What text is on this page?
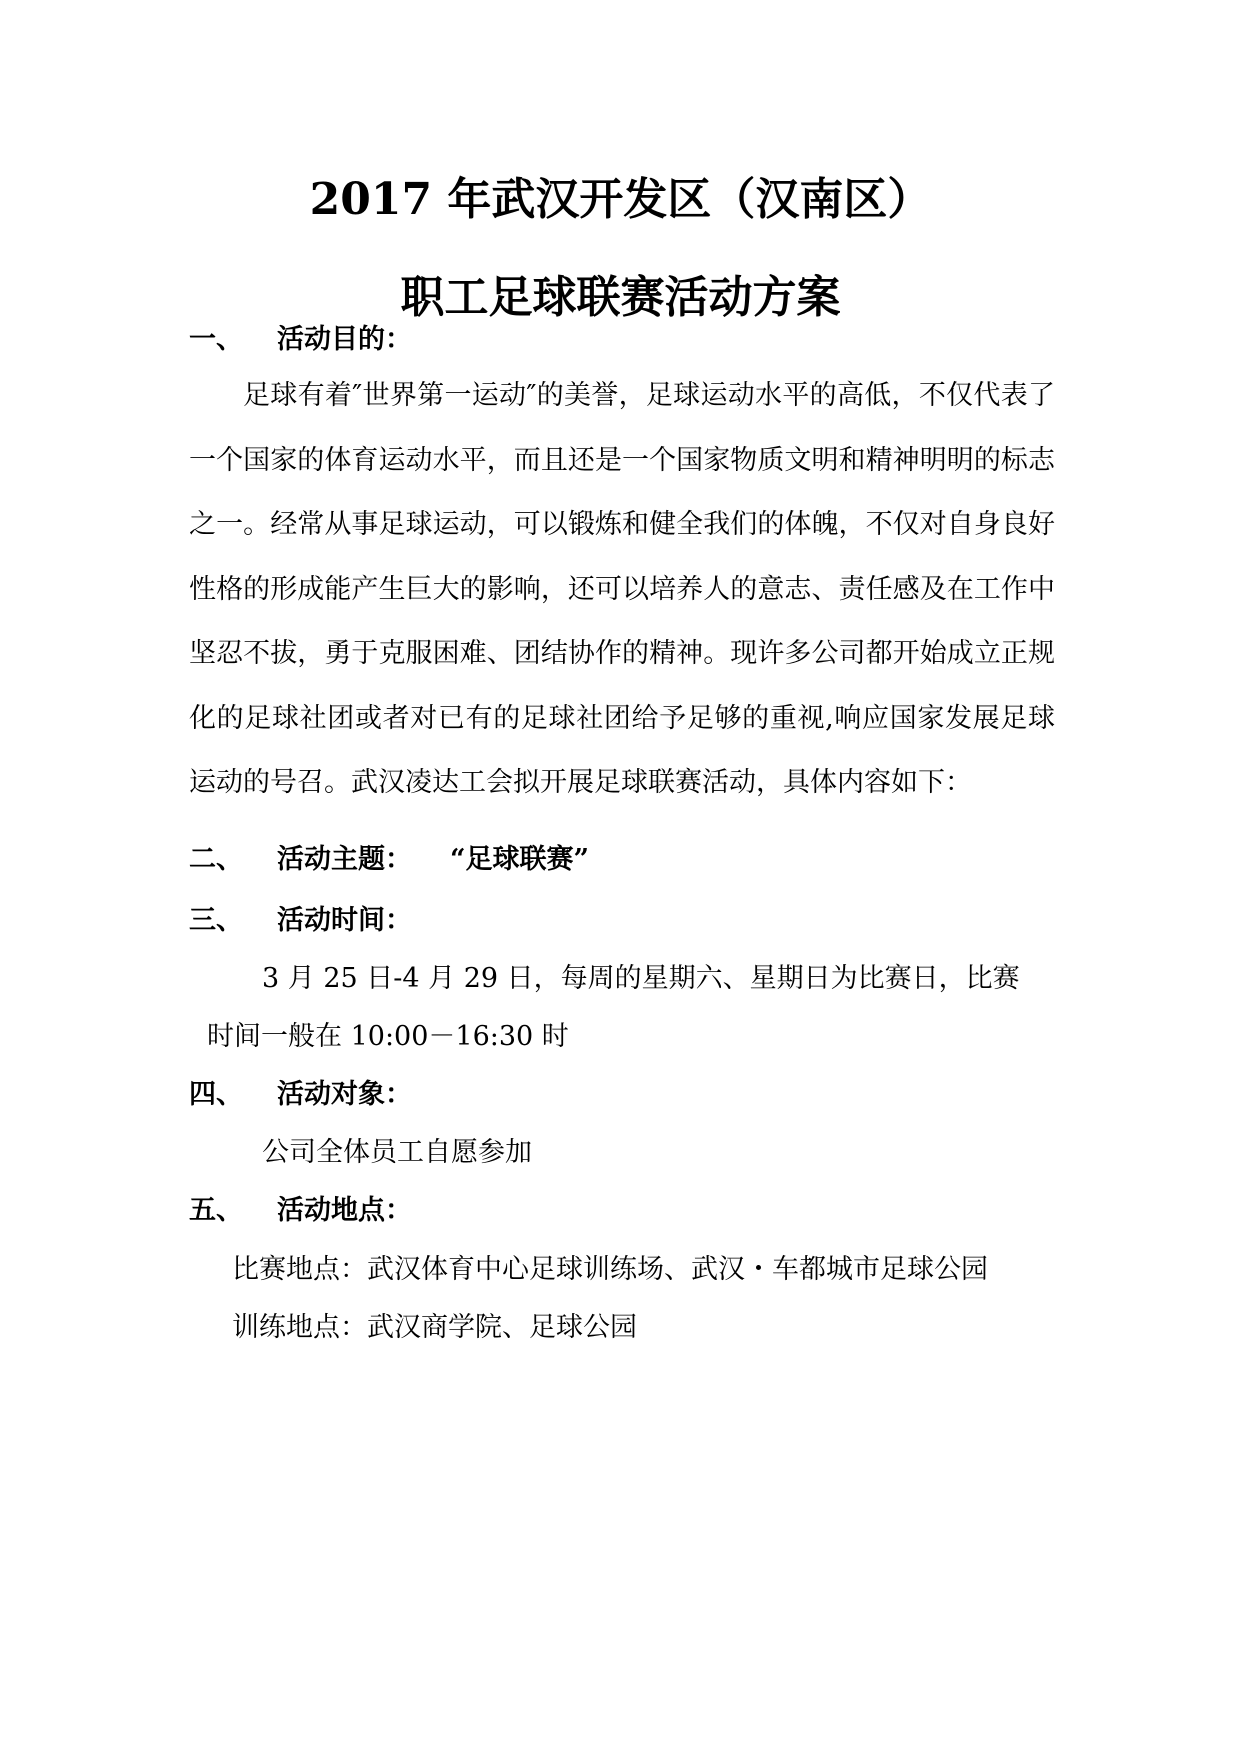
2017 年武汉开发区（汉南区）
职工足球联赛活动方案
一、 活动目的：
足球有着″世界第一运动″的美誉，足球运动水平的高低，不仅代表了一个国家的体育运动水平，而且还是一个国家物质文明和精神明明的标志之一。经常从事足球运动，可以锻炼和健全我们的体魄，不仅对自身良好性格的形成能产生巨大的影响，还可以培养人的意志、责任感及在工作中坚忍不拔，勇于克服困难、团结协作的精神。现许多公司都开始成立正规化的足球社团或者对已有的足球社团给予足够的重视,响应国家发展足球运动的号召。武汉凌达工会拟开展足球联赛活动，具体内容如下：
二、 活动主题： “足球联赛”
三、 活动时间：
3 月 25 日-4 月 29 日，每周的星期六、星期日为比赛日，比赛
时间一般在 10:00－16:30 时
四、 活动对象：
公司全体员工自愿参加
五、 活动地点：
比赛地点：武汉体育中心足球训练场、武汉・车都城市足球公园
训练地点：武汉商学院、足球公园
